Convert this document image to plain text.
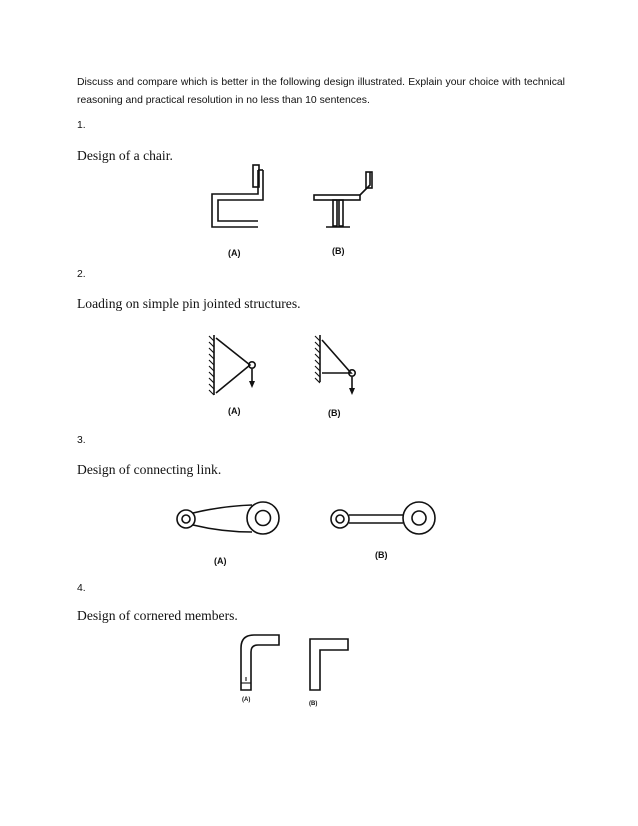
Discuss and compare which is better in the following design illustrated. Explain your choice with technical reasoning and practical resolution in no less than 10 sentences.
1.
Design of a chair.
2.
Loading on simple pin jointed structures.
3.
Design of connecting link.
4.
Design of cornered members.
(A)	(B)
(A)	(B)
(A)
(B)
(A)
(B)
